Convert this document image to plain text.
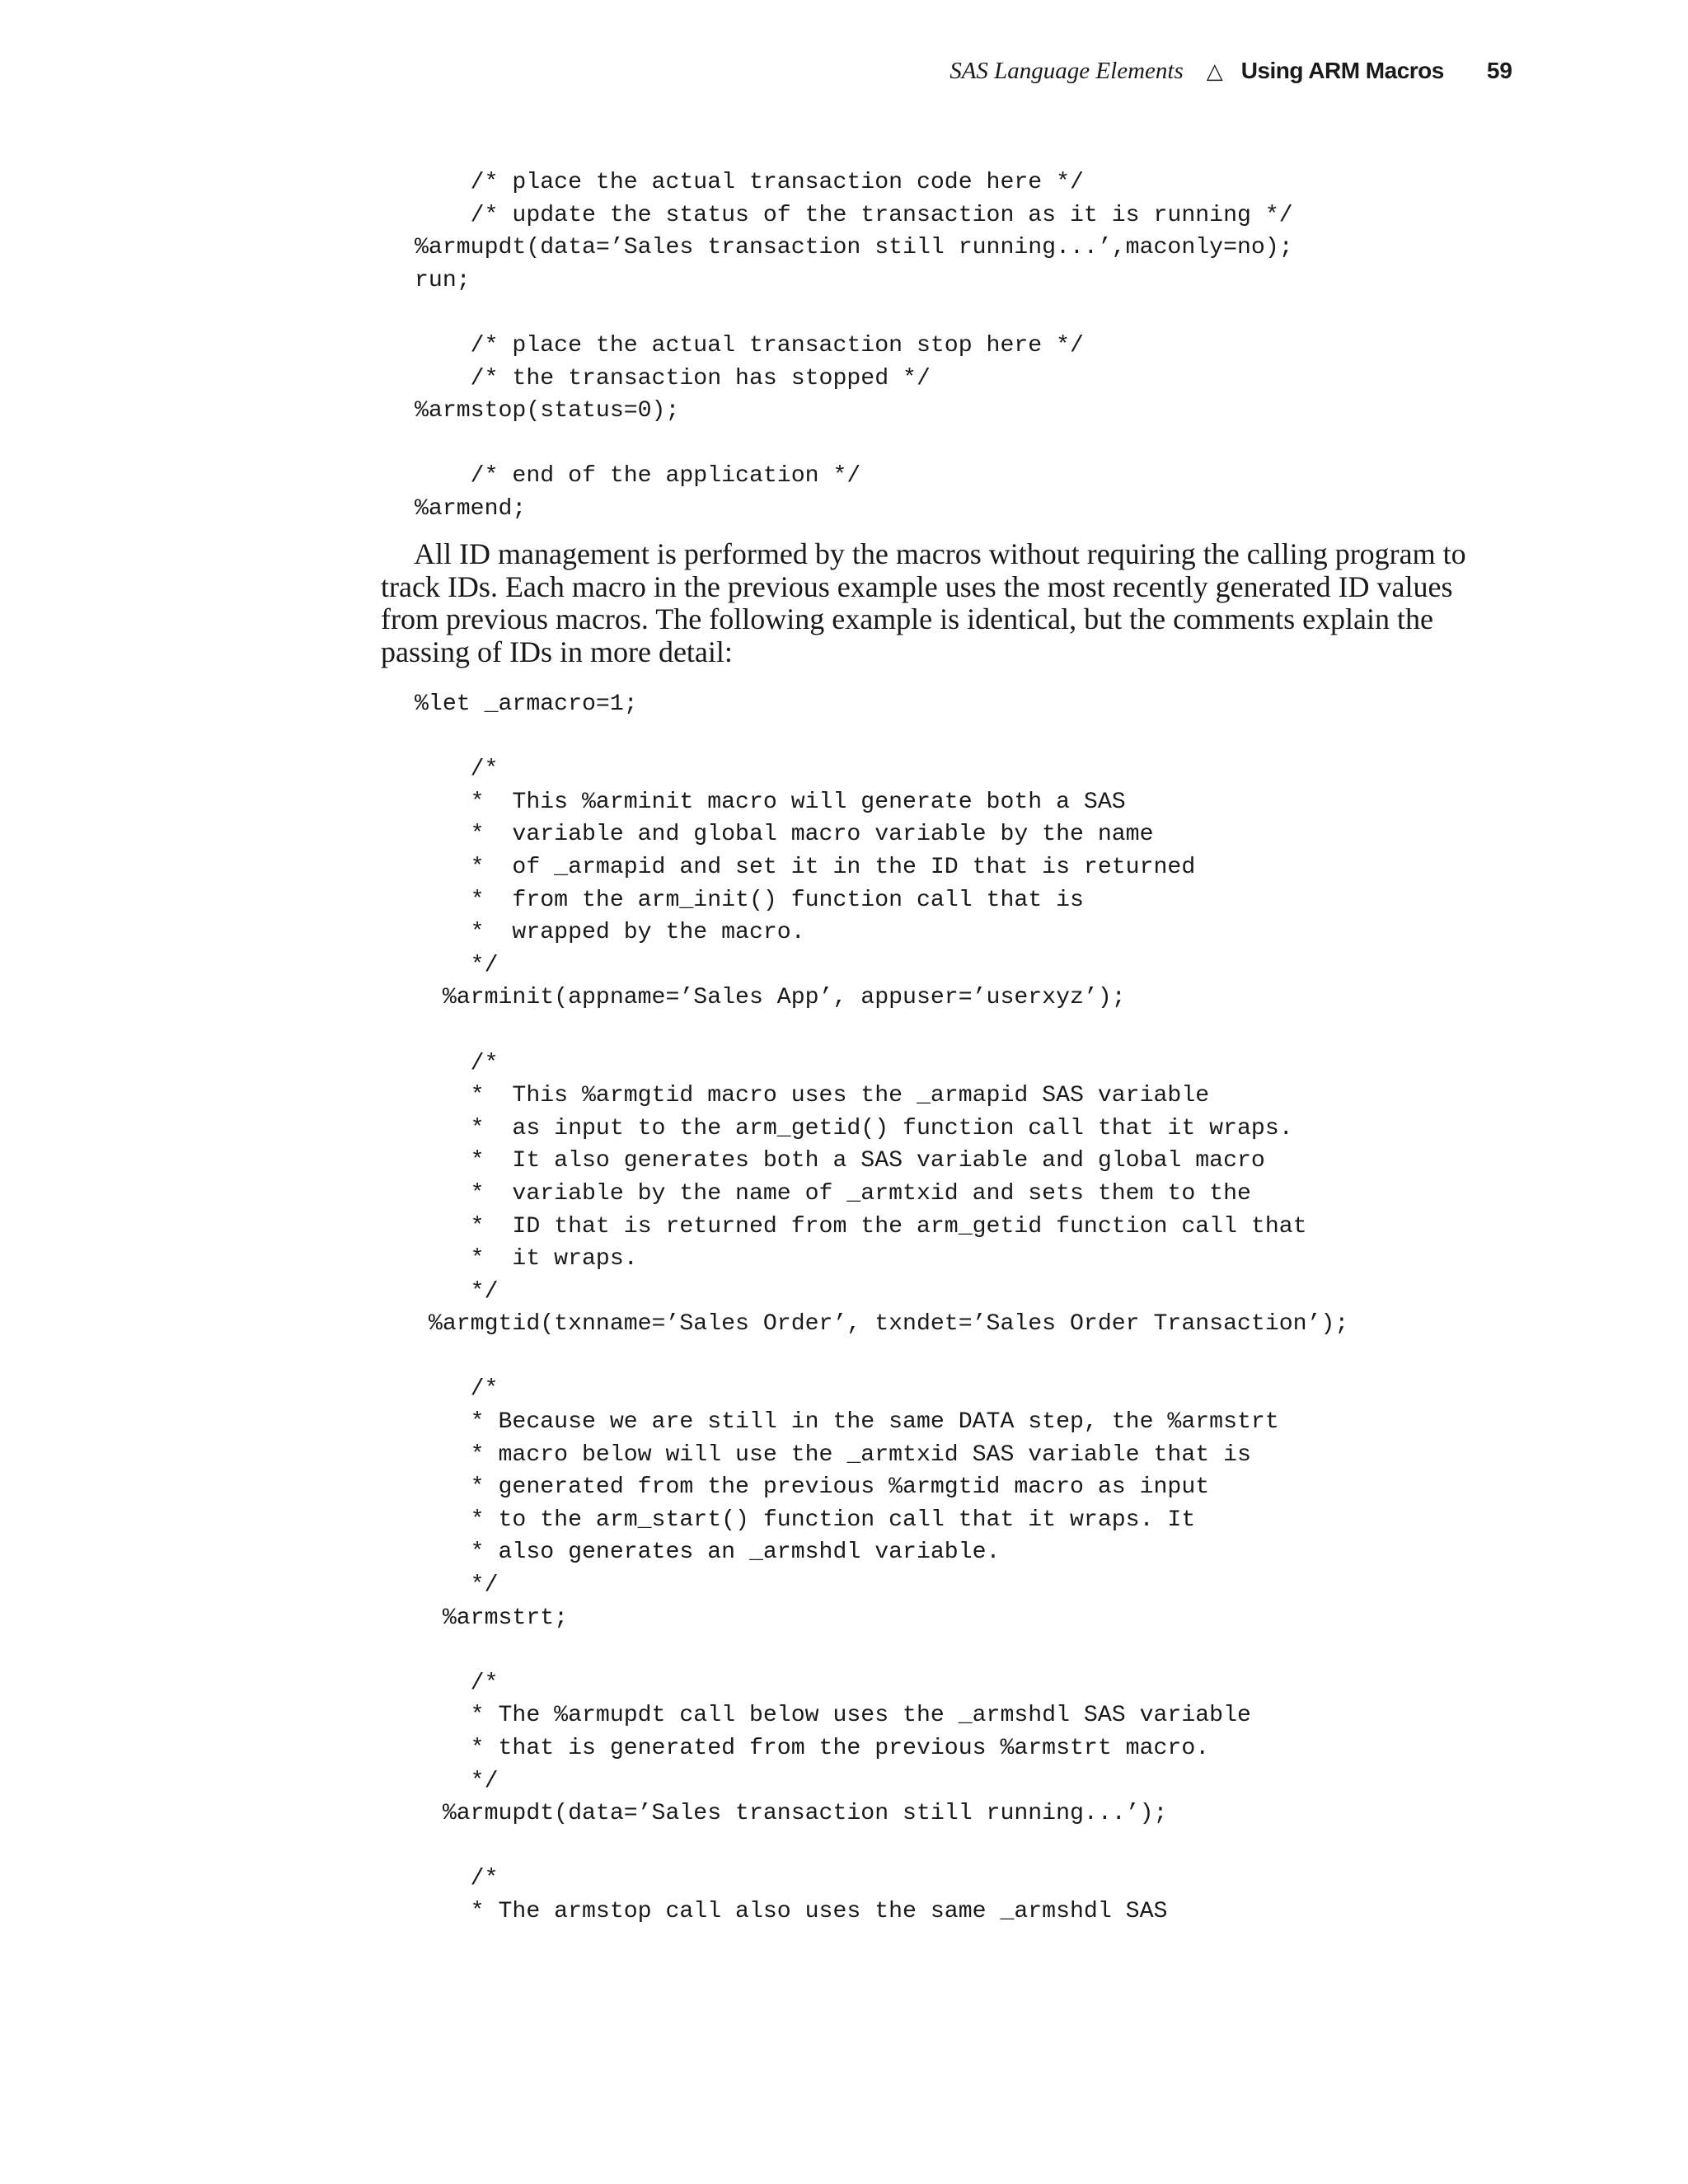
SAS Language Elements △ Using ARM Macros 59
/* place the actual transaction code here */
/* update the status of the transaction as it is running */
%armupdt(data=’Sales transaction still running...’,maconly=no);
run;

/* place the actual transaction stop here */
/* the transaction has stopped */
%armstop(status=0);

/* end of the application */
%armend;

All ID management is performed by the macros without requiring the calling program to track IDs. Each macro in the previous example uses the most recently generated ID values from previous macros. The following example is identical, but the comments explain the passing of IDs in more detail:

%let _armacro=1;

/*
*  This %arminit macro will generate both a SAS
*  variable and global macro variable by the name
*  of _armapid and set it in the ID that is returned
*  from the arm_init() function call that is
*  wrapped by the macro.
*/
%arminit(appname=’Sales App’, appuser=’userxyz’);

/*
*  This %armgtid macro uses the _armapid SAS variable
*  as input to the arm_getid() function call that it wraps.
*  It also generates both a SAS variable and global macro
*  variable by the name of _armtxid and sets them to the
*  ID that is returned from the arm_getid function call that
*  it wraps.
*/
%armgtid(txnname=’Sales Order’, txndet=’Sales Order Transaction’);

/*
* Because we are still in the same DATA step, the %armstrt
* macro below will use the _armtxid SAS variable that is
* generated from the previous %armgtid macro as input
* to the arm_start() function call that it wraps. It
* also generates an _armshdl variable.
*/
%armstrt;

/*
* The %armupdt call below uses the _armshdl SAS variable
* that is generated from the previous %armstrt macro.
*/
%armupdt(data=’Sales transaction still running...’);

/*
* The armstop call also uses the same _armshdl SAS
